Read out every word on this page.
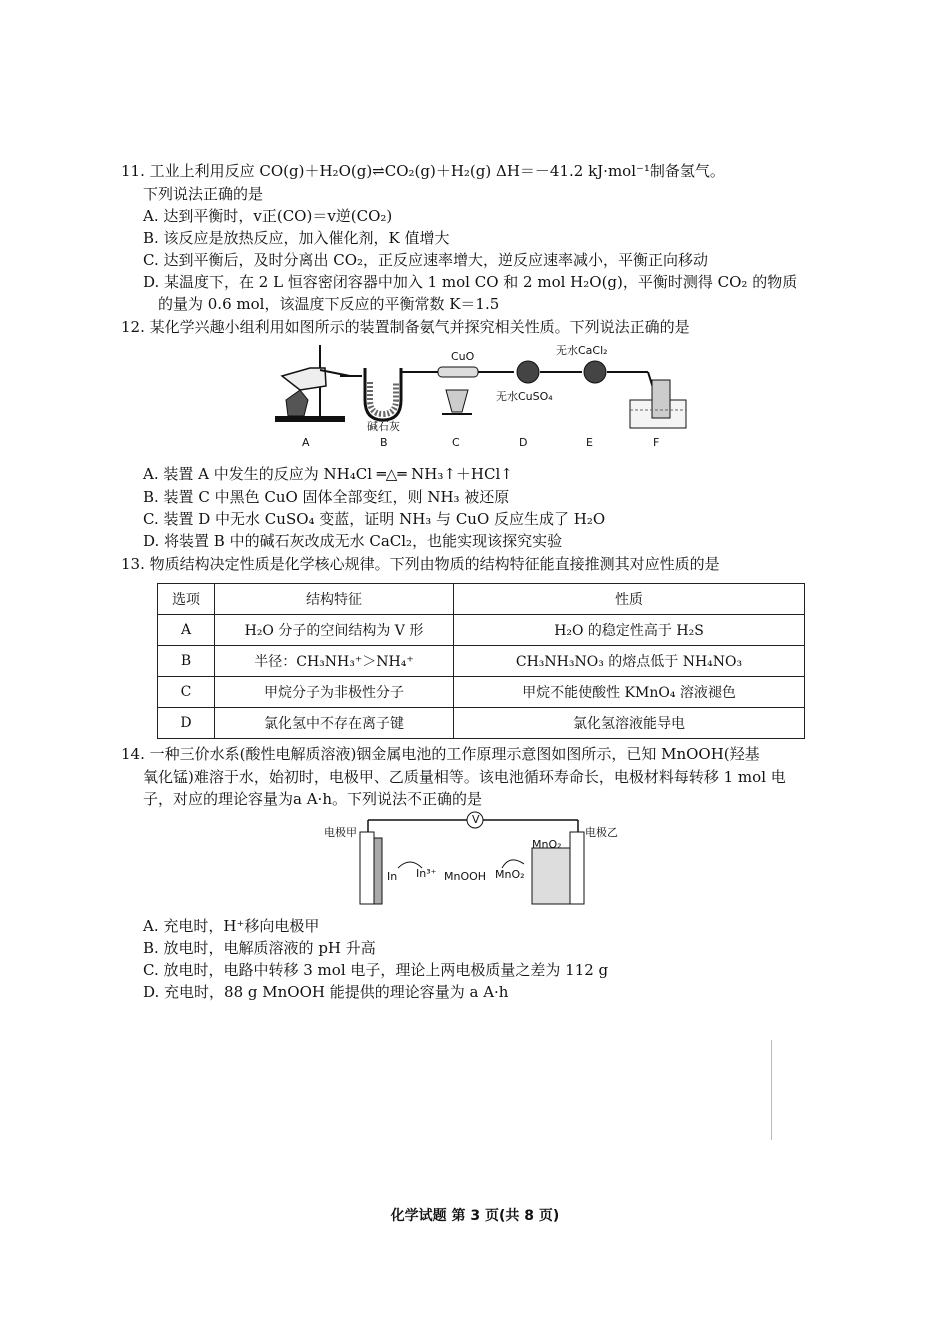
11. 工业上利用反应 CO(g)＋H₂O(g)⇌CO₂(g)＋H₂(g) ΔH＝－41.2 kJ·mol⁻¹制备氢气。
下列说法正确的是
A. 达到平衡时，v正(CO)＝v逆(CO₂)
B. 该反应是放热反应，加入催化剂，K 值增大
C. 达到平衡后，及时分离出 CO₂，正反应速率增大，逆反应速率减小，平衡正向移动
D. 某温度下，在 2 L 恒容密闭容器中加入 1 mol CO 和 2 mol H₂O(g)，平衡时测得 CO₂ 的物质
的量为 0.6 mol，该温度下反应的平衡常数 K＝1.5
12. 某化学兴趣小组利用如图所示的装置制备氨气并探究相关性质。下列说法正确的是
CuO	无水CaCl₂
无水CuSO₄
碱石灰
A	B	C	D	E	F
A. 装置 A 中发生的反应为 NH₄Cl ═△═ NH₃↑＋HCl↑
B. 装置 C 中黑色 CuO 固体全部变红，则 NH₃ 被还原
C. 装置 D 中无水 CuSO₄ 变蓝，证明 NH₃ 与 CuO 反应生成了 H₂O
D. 将装置 B 中的碱石灰改成无水 CaCl₂，也能实现该探究实验
13. 物质结构决定性质是化学核心规律。下列由物质的结构特征能直接推测其对应性质的是
选项	结构特征	性质
A	H₂O 分子的空间结构为 V 形	H₂O 的稳定性高于 H₂S
B	半径：CH₃NH₃⁺＞NH₄⁺	CH₃NH₃NO₃ 的熔点低于 NH₄NO₃
C	甲烷分子为非极性分子	甲烷不能使酸性 KMnO₄ 溶液褪色
D	氯化氢中不存在离子键	氯化氢溶液能导电
14. 一种三价水系(酸性电解质溶液)铟金属电池的工作原理示意图如图所示，已知 MnOOH(羟基
氧化锰)难溶于水，始初时，电极甲、乙质量相等。该电池循环寿命长，电极材料每转移 1 mol 电
子，对应的理论容量为a A·h。下列说法不正确的是
电极甲	电极乙
V
In In³⁺ MnOOH MnO₂
MnO₂
A. 充电时，H⁺移向电极甲
B. 放电时，电解质溶液的 pH 升高
C. 放电时，电路中转移 3 mol 电子，理论上两电极质量之差为 112 g
D. 充电时，88 g MnOOH 能提供的理论容量为 a A·h
化学试题 第 3 页(共 8 页)
